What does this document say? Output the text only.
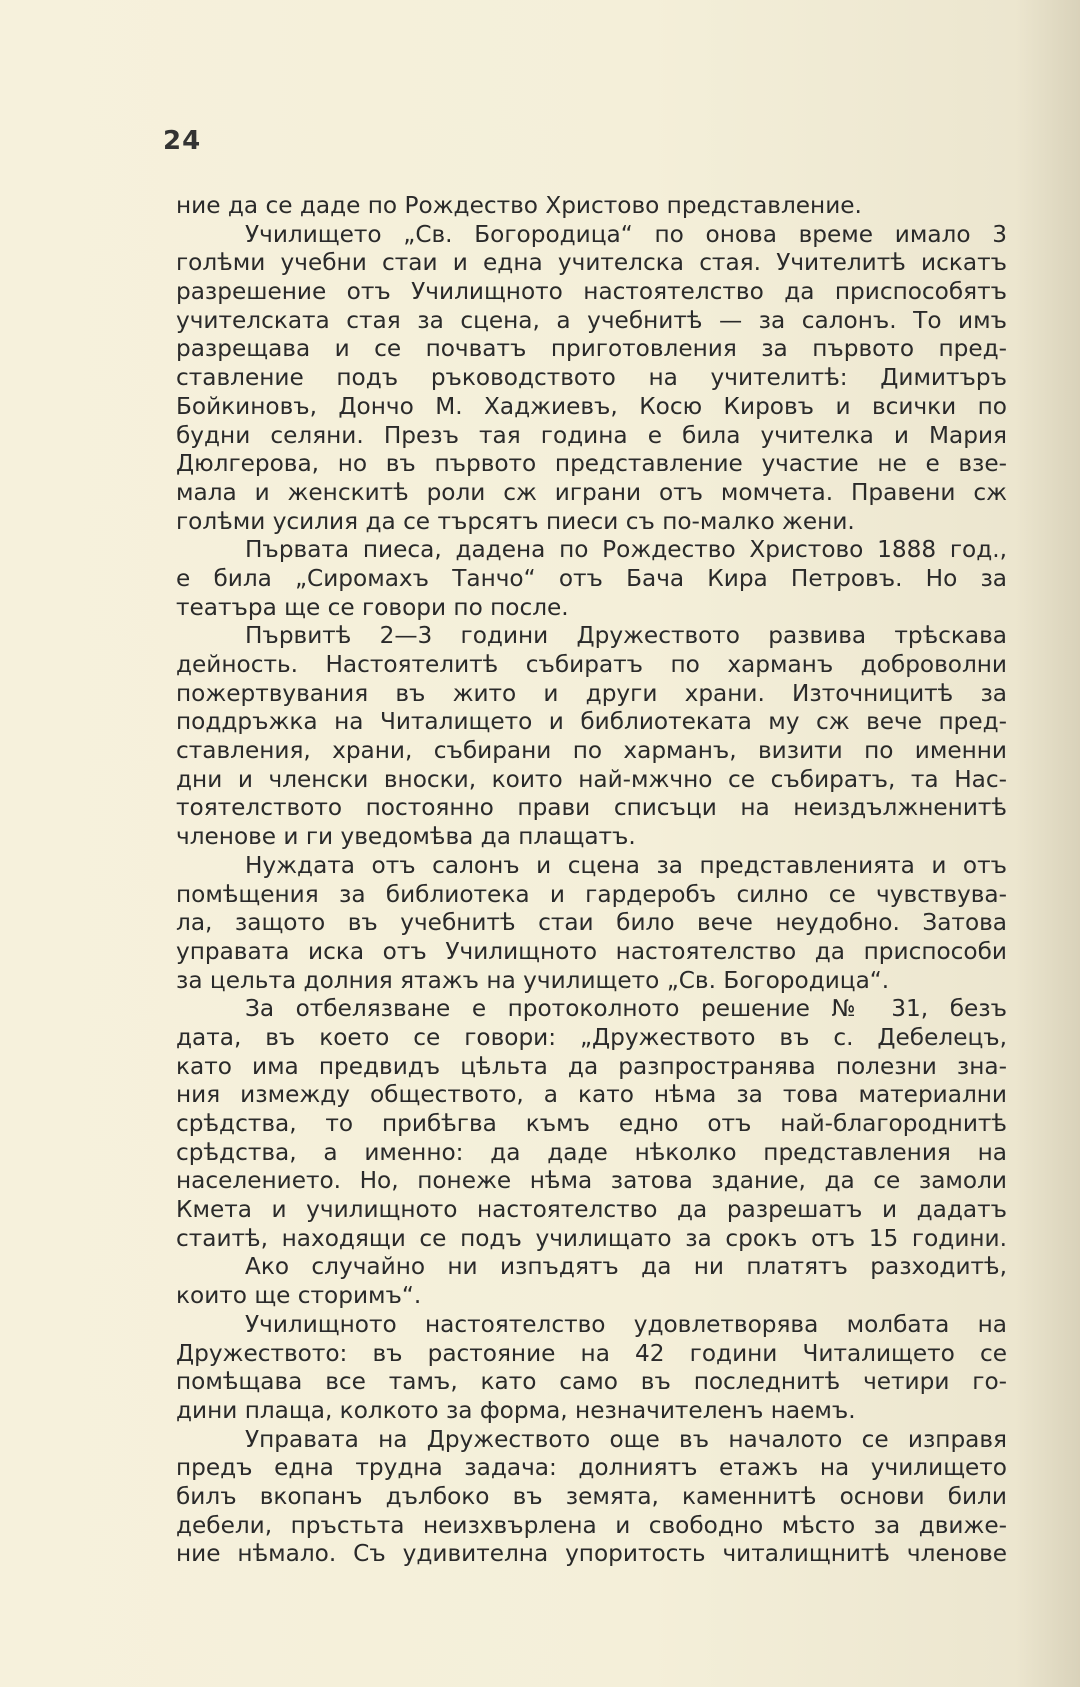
24
ние да се даде по Рождество Христово представление.
Училището „Св. Богородица“ по онова време имало 3
голѣми учебни стаи и една учителска стая. Учителитѣ искатъ
разрешение отъ Училищното настоятелство да приспособятъ
учителската стая за сцена, а учебнитѣ — за салонъ. То имъ
разрещава и се почватъ приготовления за първото пред-
ставление подъ ръководството на учителитѣ: Димитъръ
Бойкиновъ, Дончо М. Хаджиевъ, Косю Кировъ и всички по
будни селяни. Презъ тая година е била учителка и Мария
Дюлгерова, но въ първото представление участие не е взе-
мала и женскитѣ роли сж играни отъ момчета. Правени сж
голѣми усилия да се търсятъ пиеси съ по-малко жени.
Първата пиеса, дадена по Рождество Христово 1888 год.,
е била „Сиромахъ Танчо“ отъ Бача Кира Петровъ. Но за
театъра ще се говори по после.
Първитѣ 2—3 години Дружеството развива трѣскава
дейность. Настоятелитѣ събиратъ по харманъ доброволни
пожертвувания въ жито и други храни. Източницитѣ за
поддръжка на Читалището и библиотеката му сж вече пред-
ставления, храни, събирани по харманъ, визити по именни
дни и членски вноски, които най-мжчно се събиратъ, та Нас-
тоятелството постоянно прави списъци на неиздължненитѣ
членове и ги уведомѣва да плащатъ.
Нуждата отъ салонъ и сцена за представленията и отъ
помѣщения за библиотека и гардеробъ силно се чувствува-
ла, защото въ учебнитѣ стаи било вече неудобно. Затова
управата иска отъ Училищното настоятелство да приспособи
за цельта долния ятажъ на училището „Св. Богородица“.
За отбелязване е протоколното решение № 31, безъ
дата, въ което се говори: „Дружеството въ с. Дебелецъ,
като има предвидъ цѣльта да разпространява полезни зна-
ния измежду обществото, а като нѣма за това материални
срѣдства, то прибѣгва къмъ едно отъ най-благороднитѣ
срѣдства, а именно: да даде нѣколко представления на
населението. Но, понеже нѣма затова здание, да се замоли
Кмета и училищното настоятелство да разрешатъ и дадатъ
стаитѣ, находящи се подъ училищато за срокъ отъ 15 години.
Ако случайно ни изпъдятъ да ни платятъ разходитѣ,
които ще сторимъ“.
Училищното настоятелство удовлетворява молбата на
Дружеството: въ растояние на 42 години Читалището се
помѣщава все тамъ, като само въ последнитѣ четири го-
дини плаща, колкото за форма, незначителенъ наемъ.
Управата на Дружеството още въ началото се изправя
предъ една трудна задача: долниятъ етажъ на училището
билъ вкопанъ дълбоко въ земята, каменнитѣ основи били
дебели, пръстьта неизхвърлена и свободно мѣсто за движе-
ние нѣмало. Съ удивителна упоритость читалищнитѣ членове
